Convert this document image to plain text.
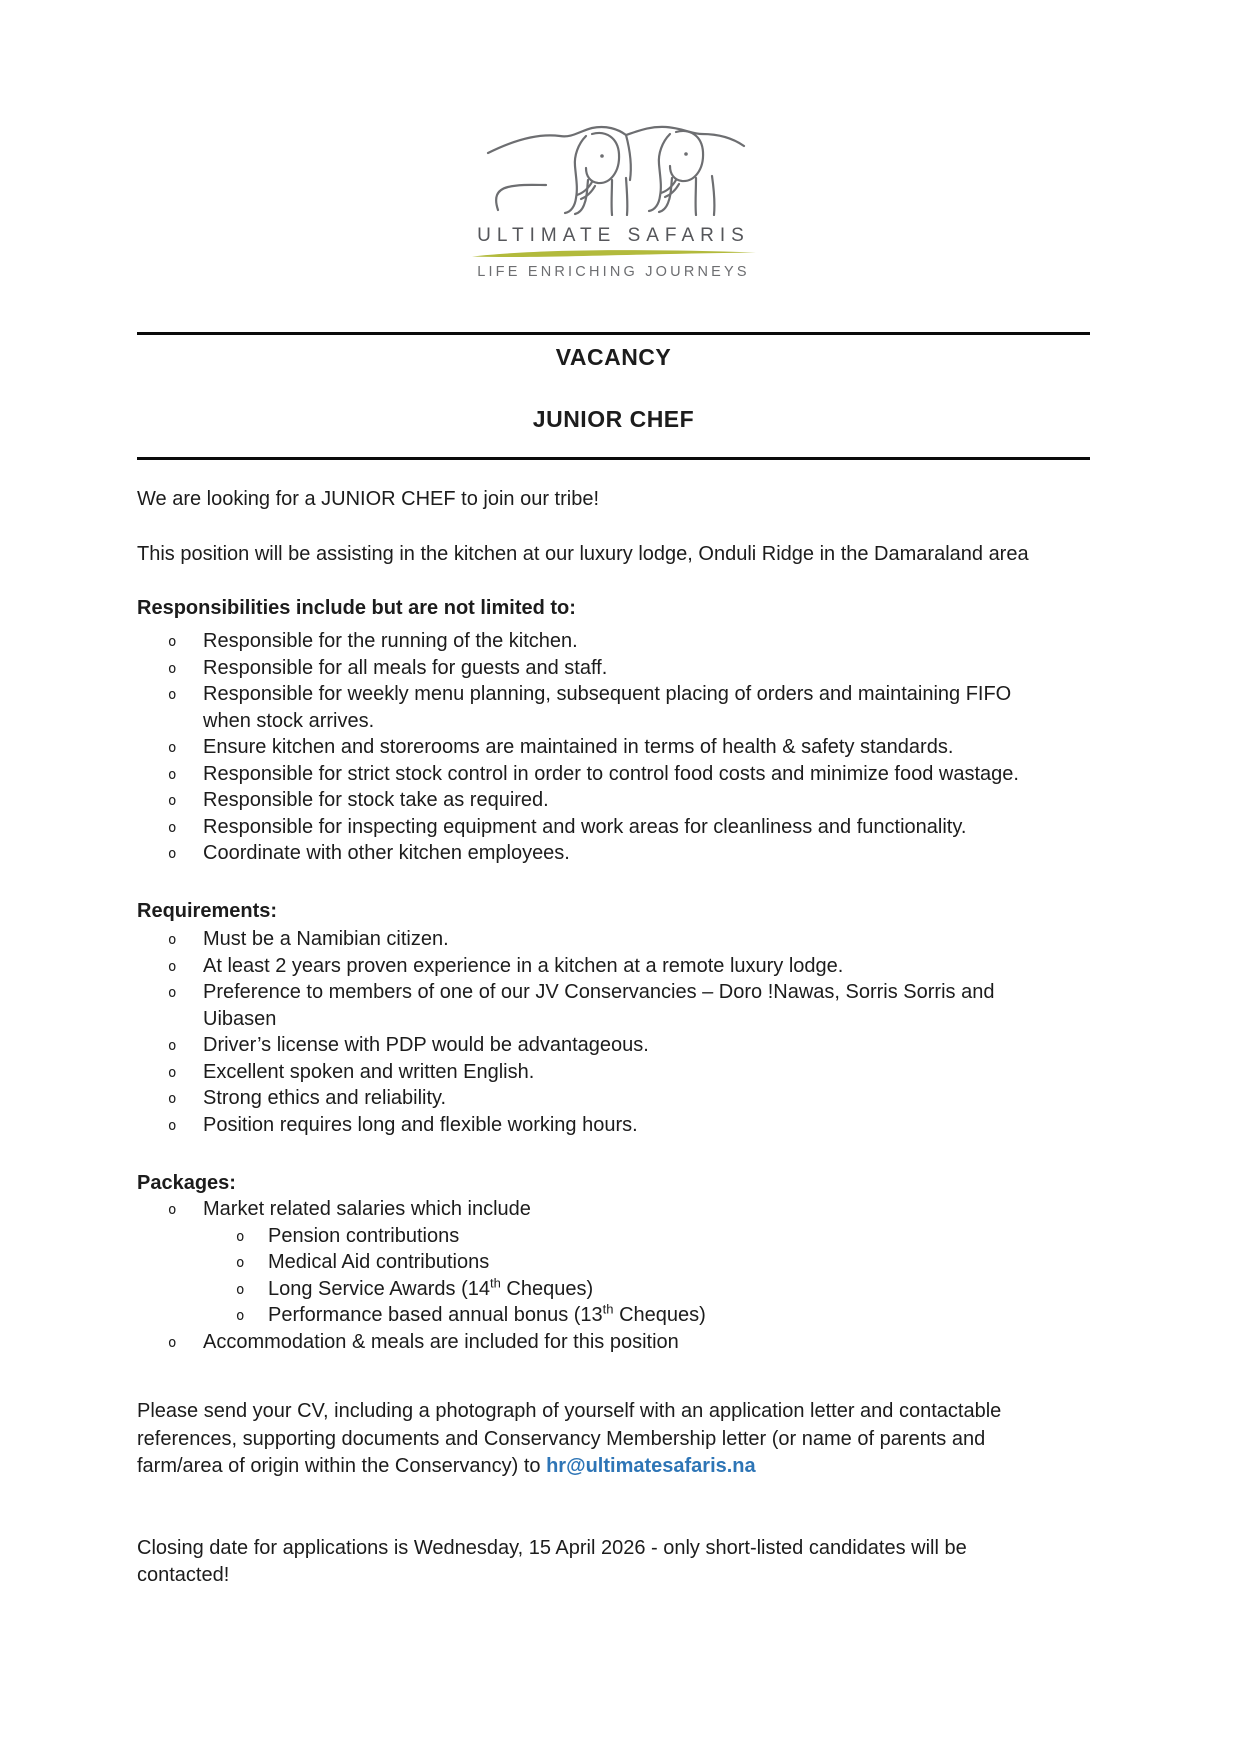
ULTIMATE SAFARIS
LIFE ENRICHING JOURNEYS
VACANCY
JUNIOR CHEF
We are looking for a JUNIOR CHEF to join our tribe!
This position will be assisting in the kitchen at our luxury lodge, Onduli Ridge in the Damaraland area
Responsibilities include but are not limited to:
o Responsible for the running of the kitchen.
o Responsible for all meals for guests and staff.
o Responsible for weekly menu planning, subsequent placing of orders and maintaining FIFO
when stock arrives.
o Ensure kitchen and storerooms are maintained in terms of health & safety standards.
o Responsible for strict stock control in order to control food costs and minimize food wastage.
o Responsible for stock take as required.
o Responsible for inspecting equipment and work areas for cleanliness and functionality.
o Coordinate with other kitchen employees.
Requirements:
o Must be a Namibian citizen.
o At least 2 years proven experience in a kitchen at a remote luxury lodge.
o Preference to members of one of our JV Conservancies – Doro !Nawas, Sorris Sorris and
Uibasen
o Driver’s license with PDP would be advantageous.
o Excellent spoken and written English.
o Strong ethics and reliability.
o Position requires long and flexible working hours.
Packages:
o Market related salaries which include
o Pension contributions
o Medical Aid contributions
o Long Service Awards (14th Cheques)
o Performance based annual bonus (13th Cheques)
o Accommodation & meals are included for this position
Please send your CV, including a photograph of yourself with an application letter and contactable
references, supporting documents and Conservancy Membership letter (or name of parents and
farm/area of origin within the Conservancy) to hr@ultimatesafaris.na
Closing date for applications is Wednesday, 15 April 2026 - only short-listed candidates will be
contacted!
